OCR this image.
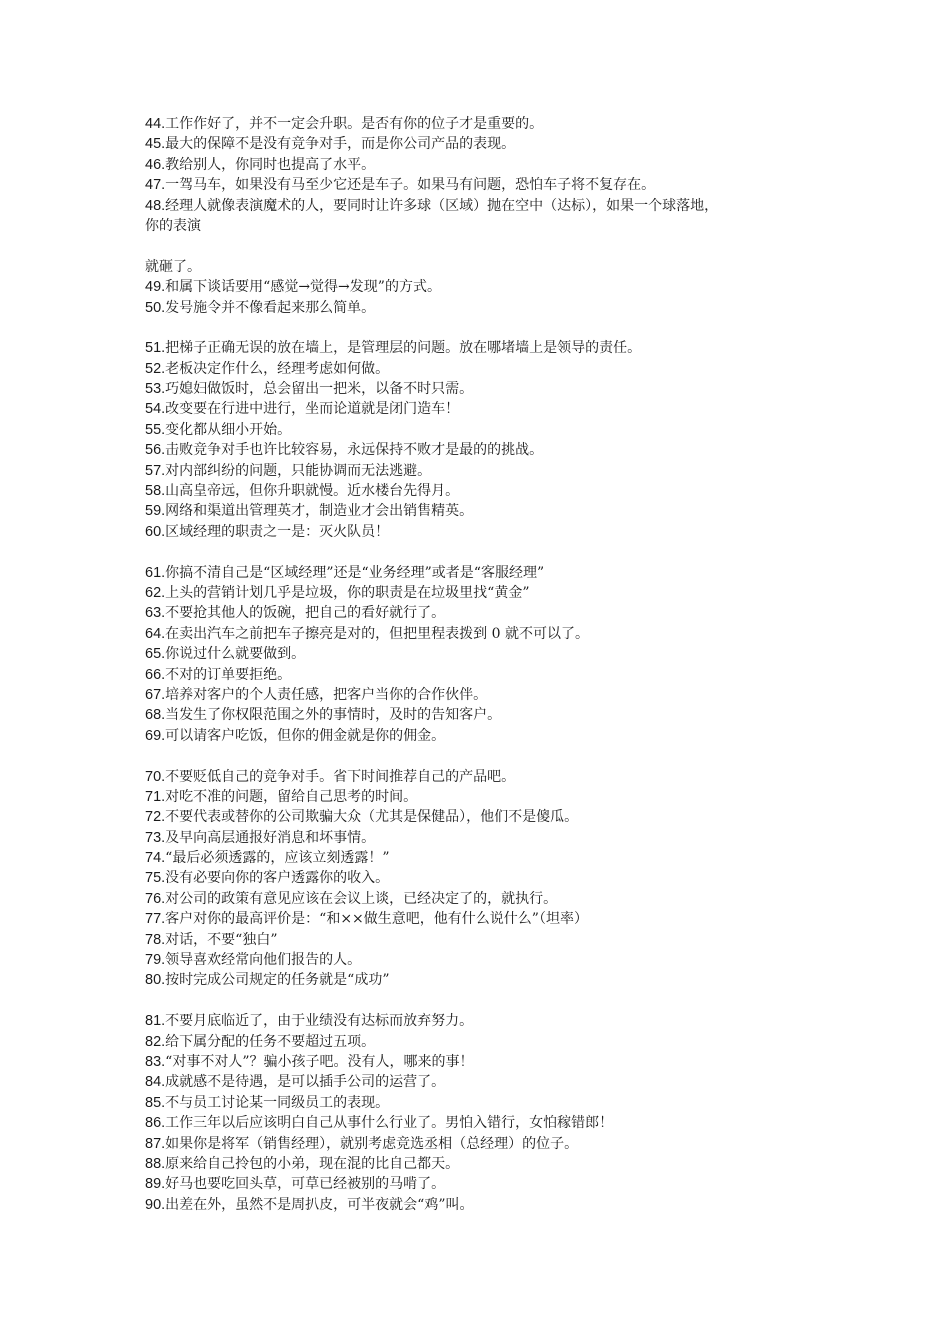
44.工作作好了，并不一定会升职。是否有你的位子才是重要的。
45.最大的保障不是没有竞争对手，而是你公司产品的表现。
46.教给别人，你同时也提高了水平。
47.一驾马车，如果没有马至少它还是车子。如果马有问题，恐怕车子将不复存在。
48.经理人就像表演魔术的人，要同时让许多球（区域）抛在空中（达标），如果一个球落地，
你的表演
就砸了。
49.和属下谈话要用“感觉→觉得→发现”的方式。
50.发号施令并不像看起来那么简单。
51.把梯子正确无误的放在墙上，是管理层的问题。放在哪堵墙上是领导的责任。
52.老板决定作什么，经理考虑如何做。
53.巧媳妇做饭时，总会留出一把米，以备不时只需。
54.改变要在行进中进行，坐而论道就是闭门造车！
55.变化都从细小开始。
56.击败竞争对手也许比较容易，永远保持不败才是最的的挑战。
57.对内部纠纷的问题，只能协调而无法逃避。
58.山高皇帝远，但你升职就慢。近水楼台先得月。
59.网络和渠道出管理英才，制造业才会出销售精英。
60.区域经理的职责之一是：灭火队员！
61.你搞不清自己是“区域经理”还是“业务经理”或者是“客服经理”
62.上头的营销计划几乎是垃圾，你的职责是在垃圾里找“黄金”
63.不要抢其他人的饭碗，把自己的看好就行了。
64.在卖出汽车之前把车子擦亮是对的，但把里程表拨到 0 就不可以了。
65.你说过什么就要做到。
66.不对的订单要拒绝。
67.培养对客户的个人责任感，把客户当你的合作伙伴。
68.当发生了你权限范围之外的事情时，及时的告知客户。
69.可以请客户吃饭，但你的佣金就是你的佣金。
70.不要贬低自己的竞争对手。省下时间推荐自己的产品吧。
71.对吃不准的问题，留给自己思考的时间。
72.不要代表或替你的公司欺骗大众（尤其是保健品），他们不是傻瓜。
73.及早向高层通报好消息和坏事情。
74.“最后必须透露的，应该立刻透露！”
75.没有必要向你的客户透露你的收入。
76.对公司的政策有意见应该在会议上谈，已经决定了的，就执行。
77.客户对你的最高评价是：“和××做生意吧，他有什么说什么”（坦率）
78.对话，不要“独白”
79.领导喜欢经常向他们报告的人。
80.按时完成公司规定的任务就是“成功”
81.不要月底临近了，由于业绩没有达标而放弃努力。
82.给下属分配的任务不要超过五项。
83.“对事不对人”？骗小孩子吧。没有人，哪来的事！
84.成就感不是待遇，是可以插手公司的运营了。
85.不与员工讨论某一同级员工的表现。
86.工作三年以后应该明白自己从事什么行业了。男怕入错行，女怕稼错郎！
87.如果你是将军（销售经理），就别考虑竞选丞相（总经理）的位子。
88.原来给自己拎包的小弟，现在混的比自己都天。
89.好马也要吃回头草，可草已经被别的马啃了。
90.出差在外，虽然不是周扒皮，可半夜就会“鸡”叫。
